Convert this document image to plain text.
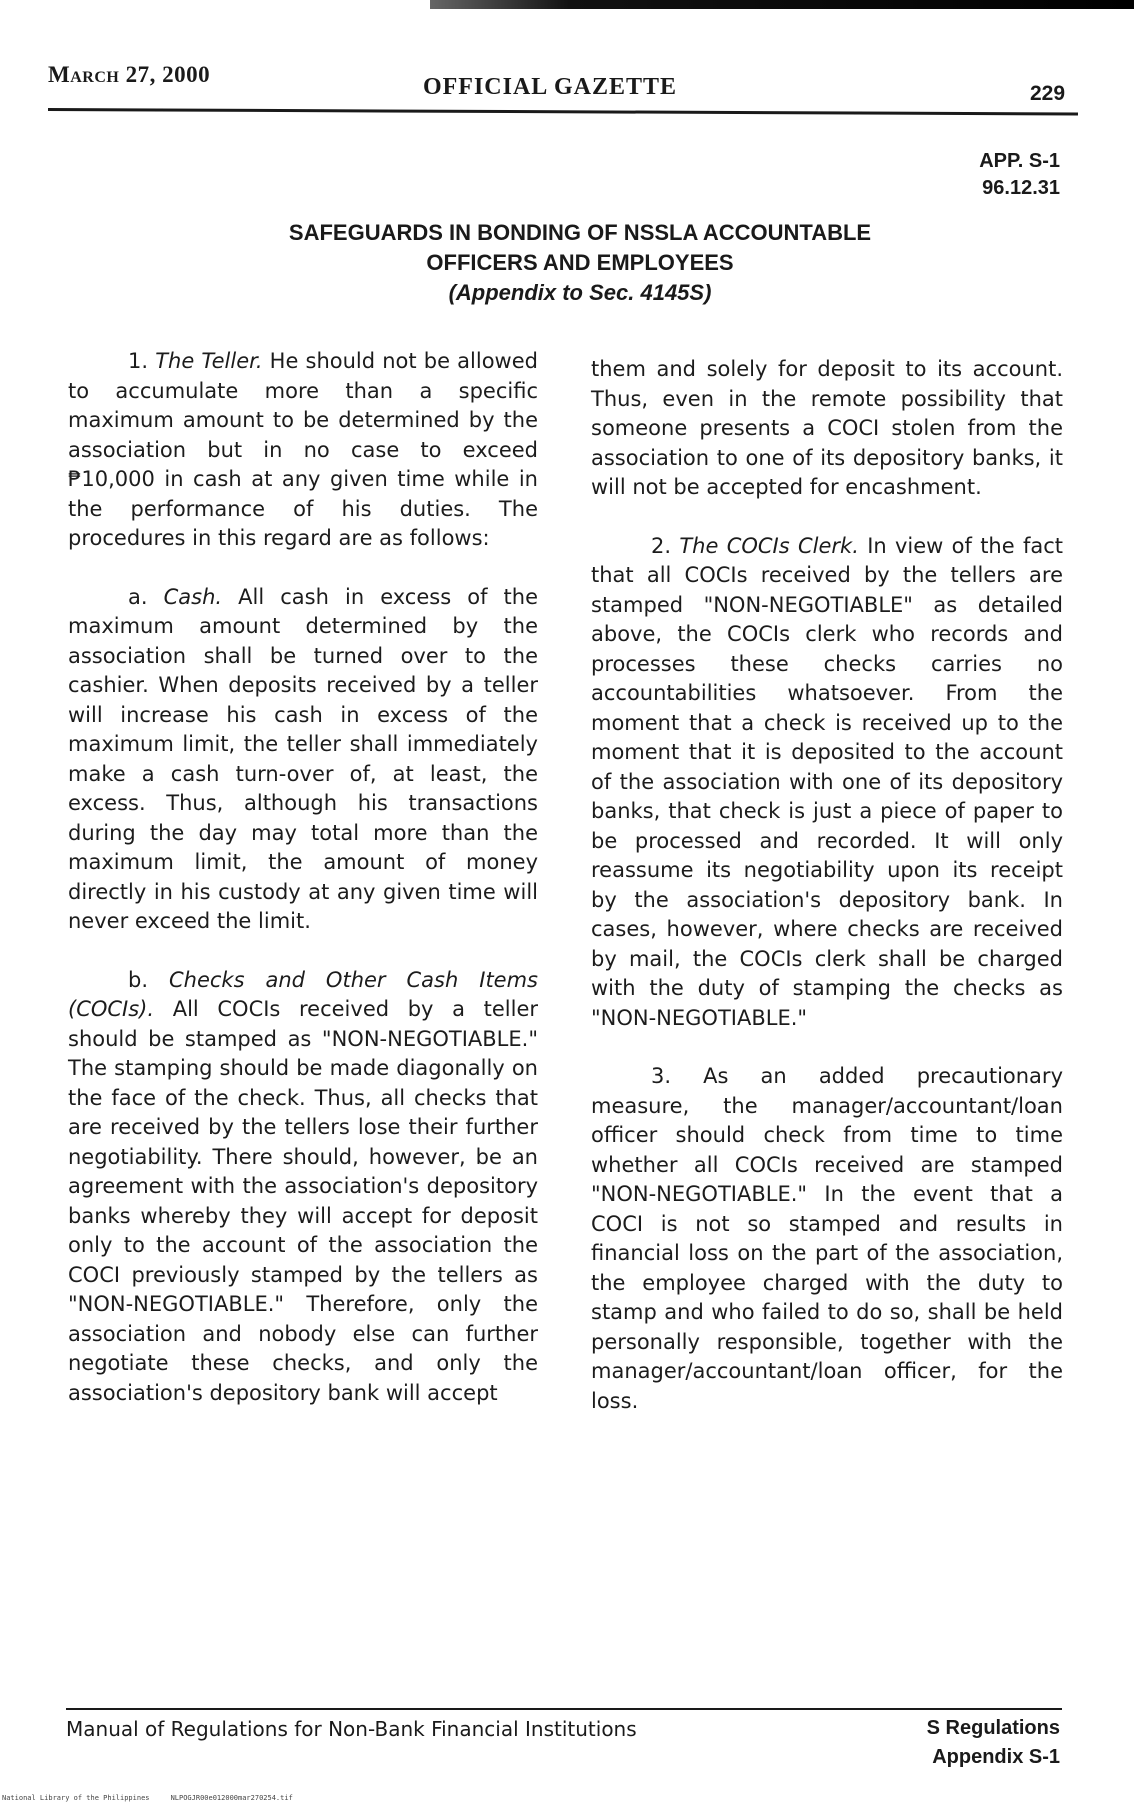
March 27, 2000	OFFICIAL GAZETTE	229
APP. S-1
96.12.31
SAFEGUARDS IN BONDING OF NSSLA ACCOUNTABLE
OFFICERS AND EMPLOYEES
(Appendix to Sec. 4145S)

1. The Teller. He should not be allowed to accumulate more than a specific maximum amount to be determined by the association but in no case to exceed ₱10,000 in cash at any given time while in the performance of his duties. The procedures in this regard are as follows:

a. Cash. All cash in excess of the maximum amount determined by the association shall be turned over to the cashier. When deposits received by a teller will increase his cash in excess of the maximum limit, the teller shall immediately make a cash turn-over of, at least, the excess. Thus, although his transactions during the day may total more than the maximum limit, the amount of money directly in his custody at any given time will never exceed the limit.

b. Checks and Other Cash Items (COCIs). All COCIs received by a teller should be stamped as "NON-NEGOTIABLE." The stamping should be made diagonally on the face of the check. Thus, all checks that are received by the tellers lose their further negotiability. There should, however, be an agreement with the association's depository banks whereby they will accept for deposit only to the account of the association the COCI previously stamped by the tellers as "NON-NEGOTIABLE." Therefore, only the association and nobody else can further negotiate these checks, and only the association's depository bank will accept

them and solely for deposit to its account. Thus, even in the remote possibility that someone presents a COCI stolen from the association to one of its depository banks, it will not be accepted for encashment.

2. The COCIs Clerk. In view of the fact that all COCIs received by the tellers are stamped "NON-NEGOTIABLE" as detailed above, the COCIs clerk who records and processes these checks carries no accountabilities whatsoever. From the moment that a check is received up to the moment that it is deposited to the account of the association with one of its depository banks, that check is just a piece of paper to be processed and recorded. It will only reassume its negotiability upon its receipt by the association's depository bank. In cases, however, where checks are received by mail, the COCIs clerk shall be charged with the duty of stamping the checks as "NON-NEGOTIABLE."

3. As an added precautionary measure, the manager/accountant/loan officer should check from time to time whether all COCIs received are stamped "NON-NEGOTIABLE." In the event that a COCI is not so stamped and results in financial loss on the part of the association, the employee charged with the duty to stamp and who failed to do so, shall be held personally responsible, together with the manager/accountant/loan officer, for the loss.

Manual of Regulations for Non-Bank Financial Institutions	S Regulations
Appendix S-1
National Library of the Philippines     NLPOGJR00e012000mar270254.tif
